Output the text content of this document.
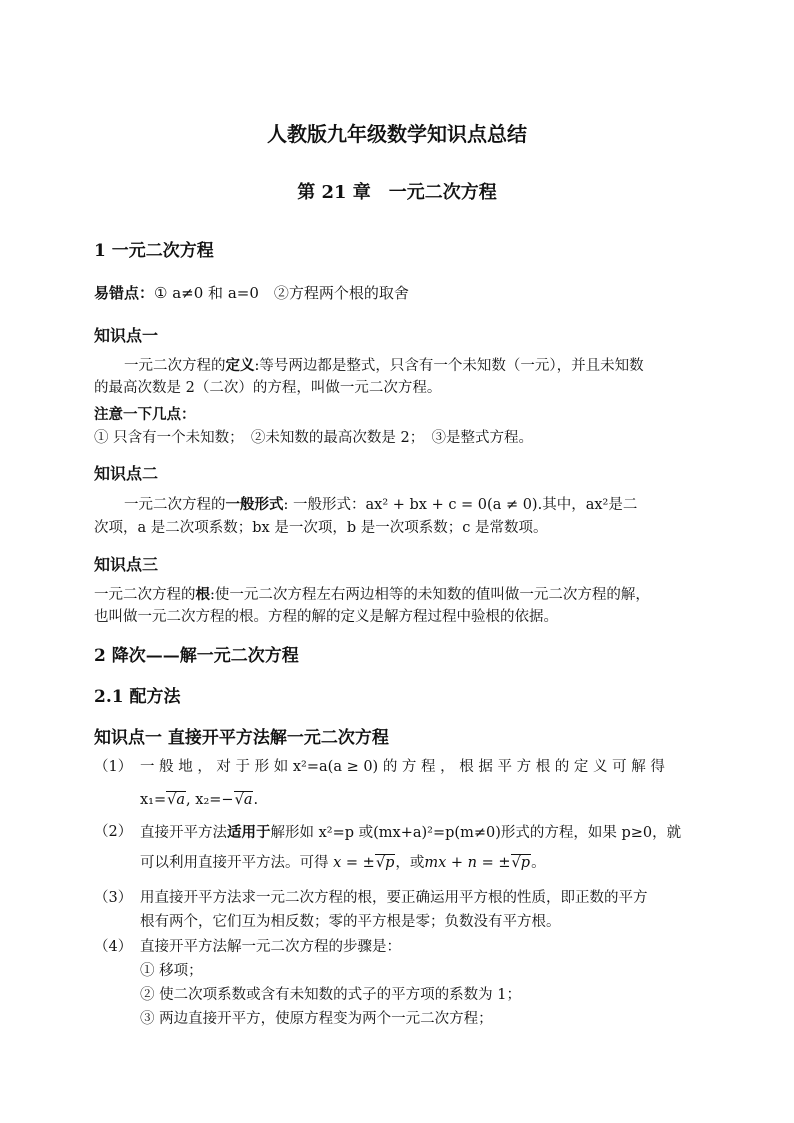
人教版九年级数学知识点总结
第 21 章　一元二次方程
1 一元二次方程
易错点：① a≠0 和 a=0　②方程两个根的取舍
知识点一
一元二次方程的定义:等号两边都是整式，只含有一个未知数（一元），并且未知数
的最高次数是 2（二次）的方程，叫做一元二次方程。
注意一下几点：
① 只含有一个未知数；　②未知数的最高次数是 2；　③是整式方程。
知识点二
一元二次方程的一般形式: 一般形式：ax² + bx + c = 0(a ≠ 0).其中，ax²是二
次项，a 是二次项系数；bx 是一次项，b 是一次项系数；c 是常数项。
知识点三
一元二次方程的根:使一元二次方程左右两边相等的未知数的值叫做一元二次方程的解，
也叫做一元二次方程的根。方程的解的定义是解方程过程中验根的依据。
2 降次——解一元二次方程
2.1 配方法
知识点一 直接开平方法解一元二次方程
（1） 一 般 地 ， 对 于 形 如 x²=a(a ≥ 0) 的 方 程 ， 根 据 平 方 根 的 定 义 可 解 得
x₁=√a, x₂=−√a.
（2） 直接开平方法适用于解形如 x²=p 或(mx+a)²=p(m≠0)形式的方程，如果 p≥0，就
可以利用直接开平方法。可得 x = ±√p，或mx + n = ±√p。
（3） 用直接开平方法求一元二次方程的根，要正确运用平方根的性质，即正数的平方
根有两个，它们互为相反数；零的平方根是零；负数没有平方根。
（4） 直接开平方法解一元二次方程的步骤是：
① 移项；
② 使二次项系数或含有未知数的式子的平方项的系数为 1；
③ 两边直接开平方，使原方程变为两个一元二次方程；
